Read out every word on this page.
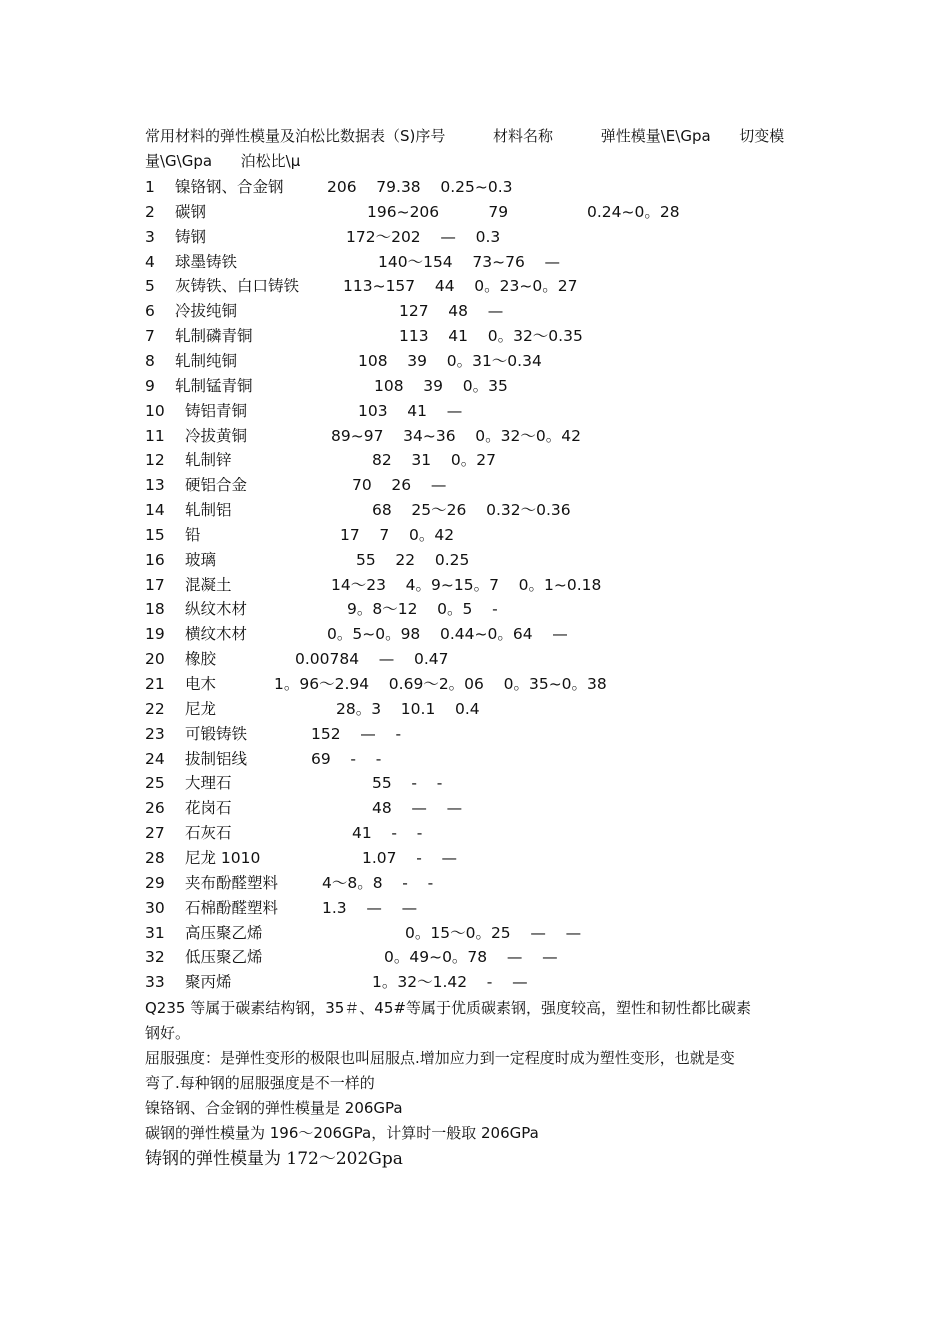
常用材料的弹性模量及泊松比数据表（S)序号          材料名称          弹性模量\E\Gpa      切变模
量\G\Gpa      泊松比\μ
1 镍铬钢、合金钢	206    79.38    0.25~0.3
2 碳钢	196~206          79                0.24~0。28
3 铸钢	172～202    —    0.3
4 球墨铸铁	140～154    73~76    —
5 灰铸铁、白口铸铁	113~157    44    0。23~0。27
6 冷拔纯铜	127    48    —
7 轧制磷青铜	113    41    0。32～0.35
8 轧制纯铜	108    39    0。31～0.34
9 轧制锰青铜	108    39    0。35
10 铸铝青铜	103    41    —
11 冷拔黄铜	89~97    34~36    0。32～0。42
12 轧制锌	82    31    0。27
13 硬铝合金	70    26    —
14 轧制铝	68    25～26    0.32～0.36
15 铅	17    7    0。42
16 玻璃	55    22    0.25
17 混凝土	14～23    4。9~15。7    0。1~0.18
18 纵纹木材	9。8～12    0。5    -
19 横纹木材	0。5~0。98    0.44~0。64    —
20 橡胶	0.00784    —    0.47
21 电木	1。96～2.94    0.69～2。06    0。35~0。38
22 尼龙	28。3    10.1    0.4
23 可锻铸铁	152    —    -
24 拔制铝线	69    -    -
25 大理石	55    -    -
26 花岗石	48    —    —
27 石灰石	41    -    -
28 尼龙 1010	1.07    -    —
29 夹布酚醛塑料	4～8。8    -    -
30 石棉酚醛塑料	1.3    —    —
31 高压聚乙烯	0。15～0。25    —    —
32 低压聚乙烯	0。49~0。78    —    —
33 聚丙烯	1。32～1.42    -    —
Q235 等属于碳素结构钢，35＃、45#等属于优质碳素钢，强度较高，塑性和韧性都比碳素
钢好。
屈服强度：是弹性变形的极限也叫屈服点.增加应力到一定程度时成为塑性变形，也就是变
弯了.每种钢的屈服强度是不一样的
镍铬钢、合金钢的弹性模量是 206GPa
碳钢的弹性模量为 196～206GPa，计算时一般取 206GPa
铸钢的弹性模量为 172～202Gpa
